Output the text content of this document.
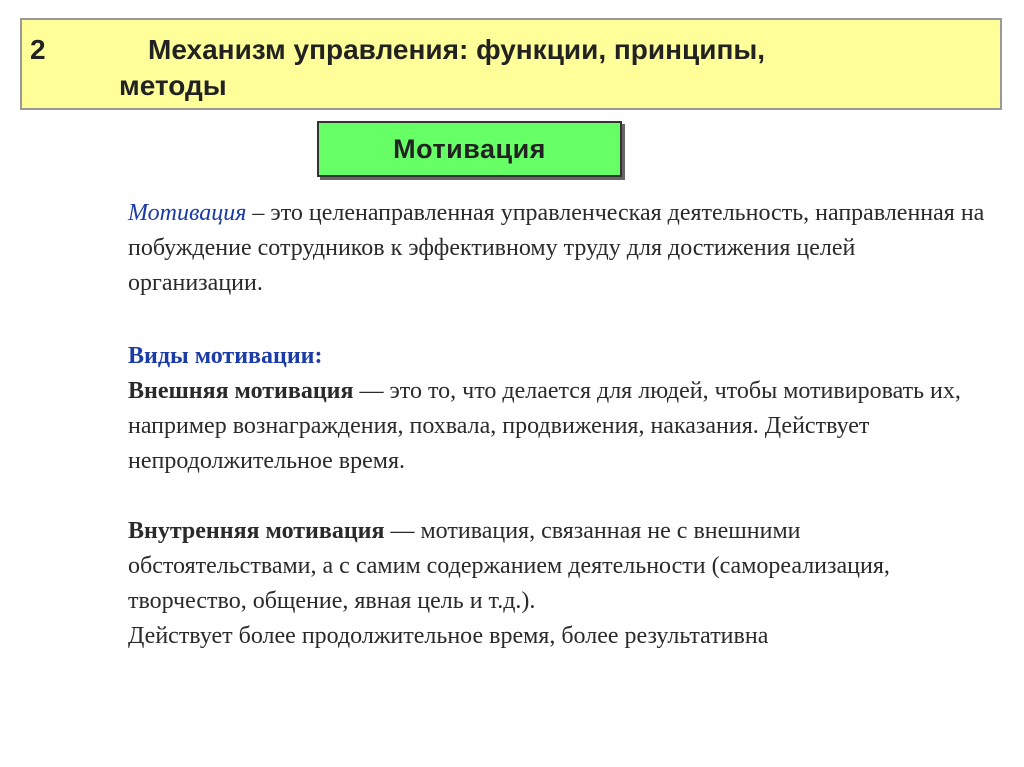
2	Механизм управления: функции, принципы,
методы
Мотивация

Мотивация – это целенаправленная управленческая деятельность, направленная на побуждение сотрудников к эффективному труду для достижения целей организации.

Виды мотивации:

Внешняя мотивация — это то, что делается для людей, чтобы мотивировать их, например вознаграждения, похвала, продвижения, наказания. Действует непродолжительное время.

Внутренняя мотивация — мотивация, связанная не с внешними обстоятельствами, а с самим содержанием деятельности (самореализация, творчество, общение, явная цель и т.д.).

Действует более продолжительное время, более результативна
